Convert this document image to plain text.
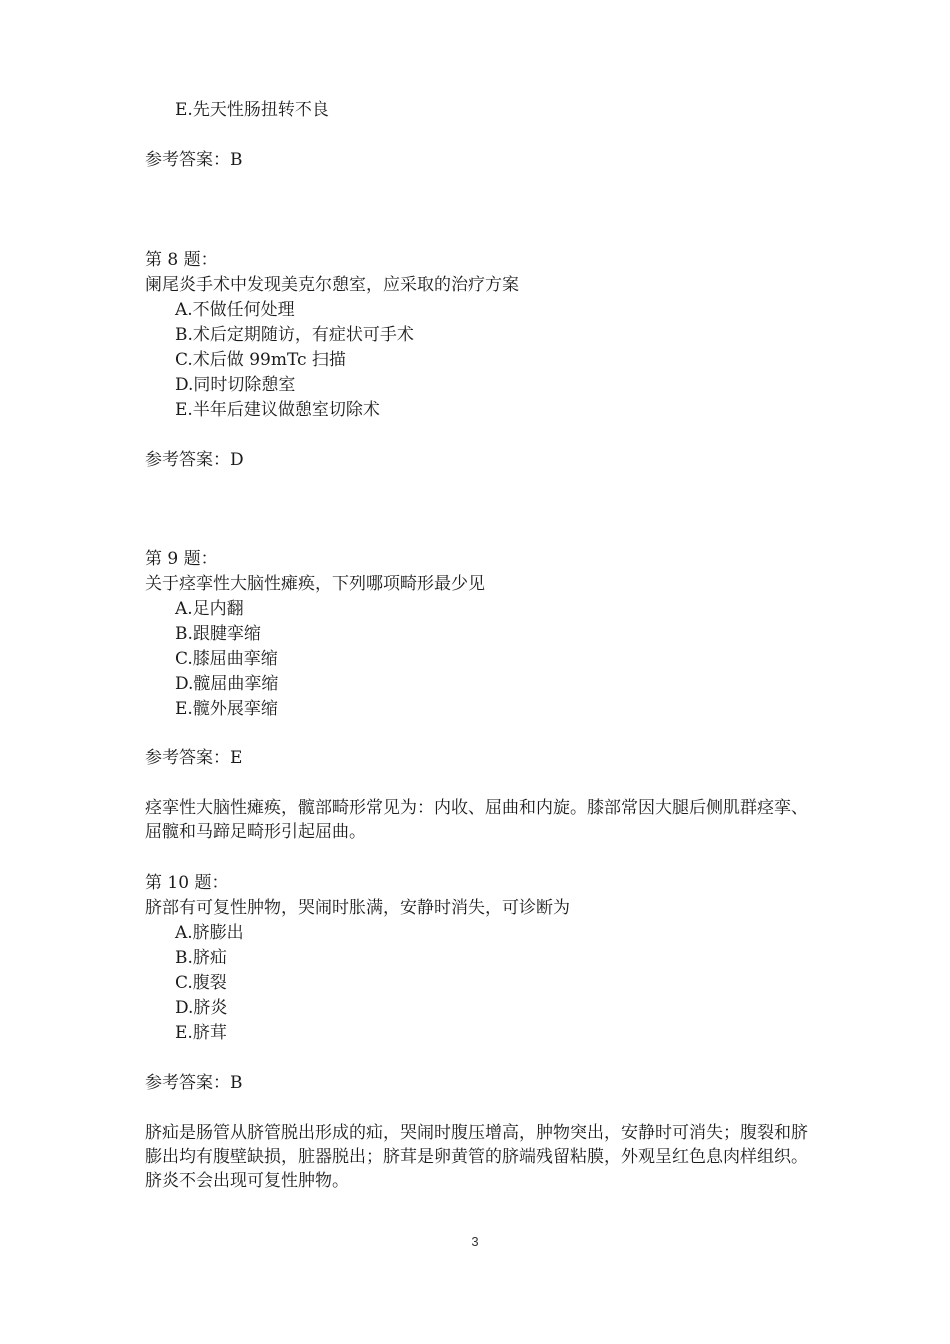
E.先天性肠扭转不良
参考答案：B
第 8 题：
阑尾炎手术中发现美克尔憩室，应采取的治疗方案
A.不做任何处理
B.术后定期随访，有症状可手术
C.术后做 99mTc 扫描
D.同时切除憩室
E.半年后建议做憩室切除术
参考答案：D
第 9 题：
关于痉挛性大脑性瘫痪，下列哪项畸形最少见
A.足内翻
B.跟腱挛缩
C.膝屈曲挛缩
D.髋屈曲挛缩
E.髋外展挛缩
参考答案：E
痉挛性大脑性瘫痪，髋部畸形常见为：内收、屈曲和内旋。膝部常因大腿后侧肌群痉挛、屈髋和马蹄足畸形引起屈曲。
第 10 题：
脐部有可复性肿物，哭闹时胀满，安静时消失，可诊断为
A.脐膨出
B.脐疝
C.腹裂
D.脐炎
E.脐茸
参考答案：B
脐疝是肠管从脐管脱出形成的疝，哭闹时腹压增高，肿物突出，安静时可消失；腹裂和脐膨出均有腹壁缺损，脏器脱出；脐茸是卵黄管的脐端残留粘膜，外观呈红色息肉样组织。脐炎不会出现可复性肿物。
3
